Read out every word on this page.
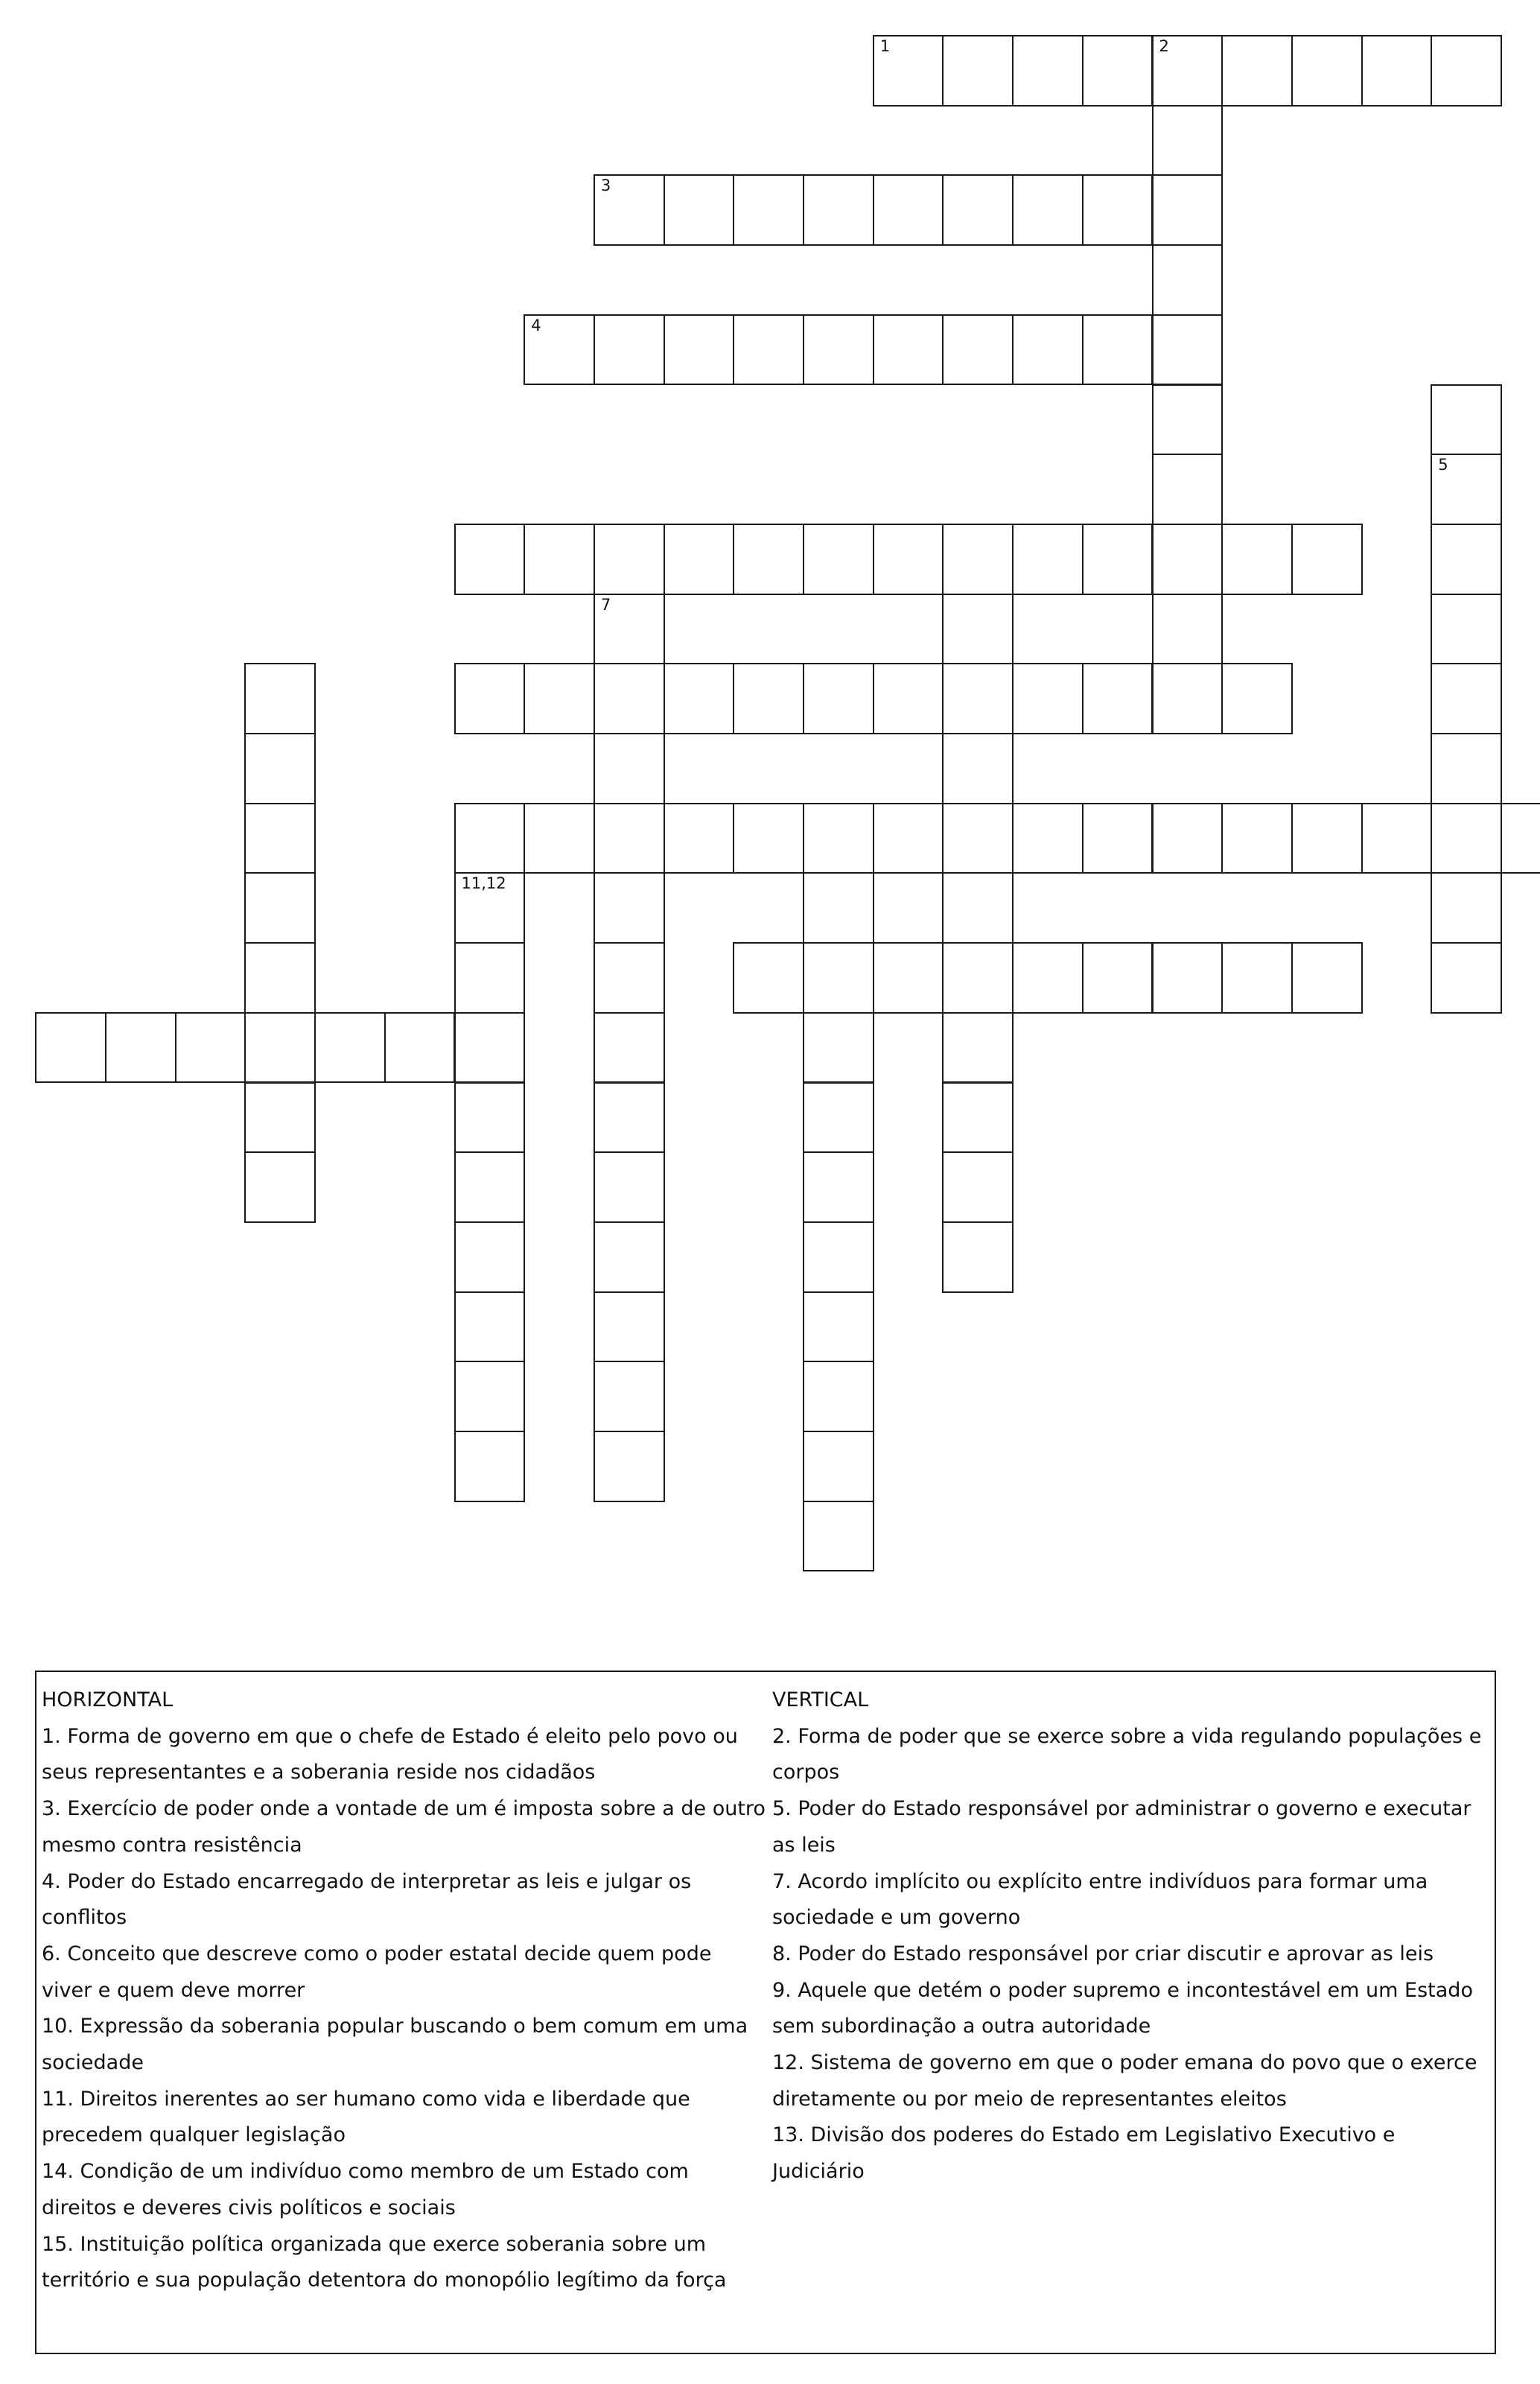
1	2
3
4
5
7
11,12
HORIZONTAL
1. Forma de governo em que o chefe de Estado é eleito pelo povo ou seus representantes e a soberania reside nos cidadãos
3. Exercício de poder onde a vontade de um é imposta sobre a de outro mesmo contra resistência
4. Poder do Estado encarregado de interpretar as leis e julgar os conflitos
6. Conceito que descreve como o poder estatal decide quem pode viver e quem deve morrer
10. Expressão da soberania popular buscando o bem comum em uma sociedade
11. Direitos inerentes ao ser humano como vida e liberdade que precedem qualquer legislação
14. Condição de um indivíduo como membro de um Estado com direitos e deveres civis políticos e sociais
15. Instituição política organizada que exerce soberania sobre um território e sua população detentora do monopólio legítimo da força
VERTICAL
2. Forma de poder que se exerce sobre a vida regulando populações e corpos
5. Poder do Estado responsável por administrar o governo e executar as leis
7. Acordo implícito ou explícito entre indivíduos para formar uma sociedade e um governo
8. Poder do Estado responsável por criar discutir e aprovar as leis
9. Aquele que detém o poder supremo e incontestável em um Estado sem subordinação a outra autoridade
12. Sistema de governo em que o poder emana do povo que o exerce diretamente ou por meio de representantes eleitos
13. Divisão dos poderes do Estado em Legislativo Executivo e Judiciário
